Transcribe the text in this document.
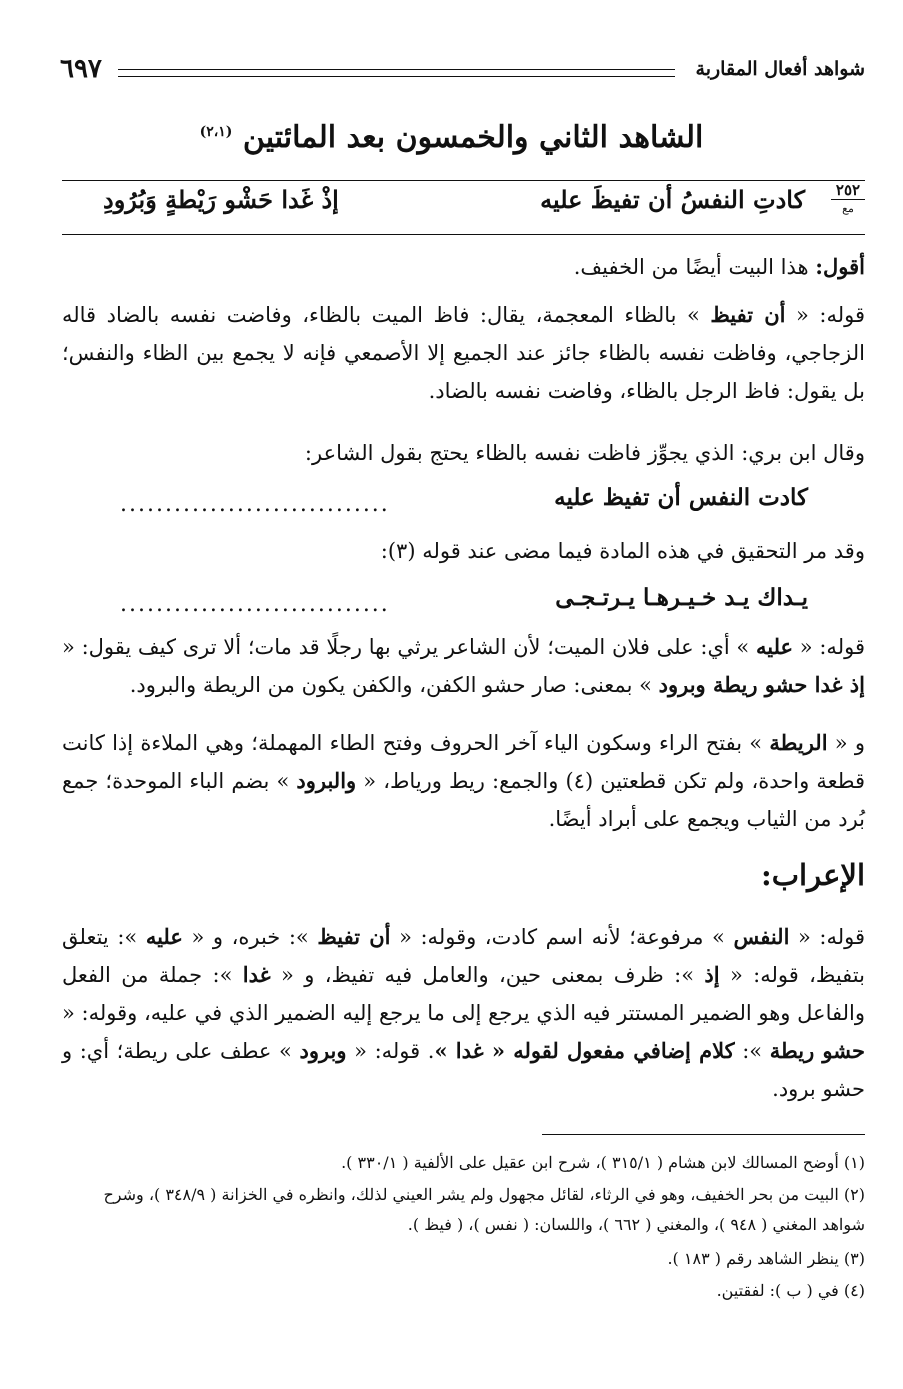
شواهد أفعال المقاربة
٦٩٧
الشاهد الثاني والخمسون بعد المائتين $^{(٢،١)}$
٢٥٢
مع
كادتِ النفسُ أن تفيظَ عليه
إذْ غَدا حَشْو رَيْطةٍ وَبُرُودِ
أقول: هذا البيت أيضًا من الخفيف.
قوله: « أن تفيظ » بالظاء المعجمة، يقال: فاظ الميت بالظاء، وفاضت نفسه بالضاد قاله الزجاجي، وفاظت نفسه بالظاء جائز عند الجميع إلا الأصمعي فإنه لا يجمع بين الظاء والنفس؛ بل يقول: فاظ الرجل بالظاء، وفاضت نفسه بالضاد.
وقال ابن بري: الذي يجوِّز فاظت نفسه بالظاء يحتج بقول الشاعر:
كادت النفس أن تفيظ عليه
..............................
وقد مر التحقيق في هذه المادة فيما مضى عند قوله (٣):
يـداك يـد خـيـرهـا يـرتـجـى
..............................
قوله: « عليه » أي: على فلان الميت؛ لأن الشاعر يرثي بها رجلًا قد مات؛ ألا ترى كيف يقول: « إذ غدا حشو ريطة وبرود » بمعنى: صار حشو الكفن، والكفن يكون من الريطة والبرود.
و « الريطة » بفتح الراء وسكون الياء آخر الحروف وفتح الطاء المهملة؛ وهي الملاءة إذا كانت قطعة واحدة، ولم تكن قطعتين (٤) والجمع: ريط ورياط، « والبرود » بضم الباء الموحدة؛ جمع بُرد من الثياب ويجمع على أبراد أيضًا.
الإعراب:
قوله: « النفس » مرفوعة؛ لأنه اسم كادت، وقوله: « أن تفيظ »: خبره، و « عليه »: يتعلق بتفيظ، قوله: « إذ »: ظرف بمعنى حين، والعامل فيه تفيظ، و « غدا »: جملة من الفعل والفاعل وهو الضمير المستتر فيه الذي يرجع إلى ما يرجع إليه الضمير الذي في عليه، وقوله: « حشو ريطة »: كلام إضافي مفعول لقوله « غدا ». قوله: « وبرود » عطف على ريطة؛ أي: و حشو برود.
(١) أوضح المسالك لابن هشام ( ٣١٥/١ )، شرح ابن عقيل على الألفية ( ٣٣٠/١ ).
(٢) البيت من بحر الخفيف، وهو في الرثاء، لقائل مجهول ولم يشر العيني لذلك، وانظره في الخزانة ( ٣٤٨/٩ )، وشرح شواهد المغني ( ٩٤٨ )، والمغني ( ٦٦٢ )، واللسان: ( نفس )، ( فيظ ).
(٣) ينظر الشاهد رقم ( ١٨٣ ).
(٤) في ( ب ): لفقتين.
